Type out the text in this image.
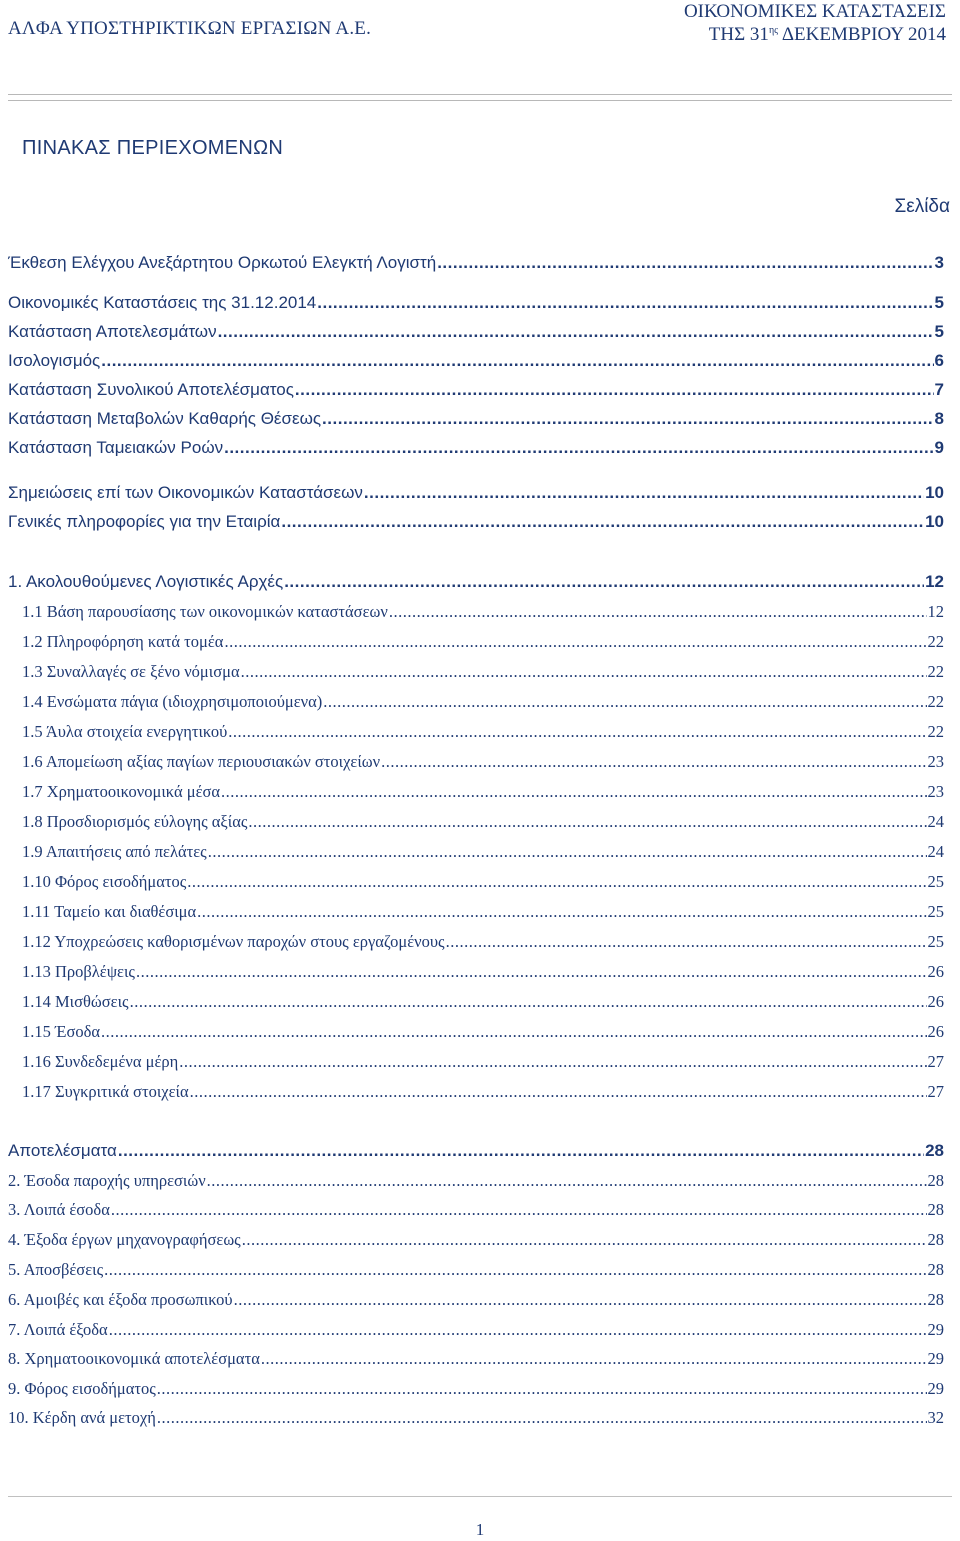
ΑΛΦΑ ΥΠΟΣΤΗΡΙΚΤΙΚΩΝ ΕΡΓΑΣΙΩΝ Α.Ε.
ΟΙΚΟΝΟΜΙΚΕΣ ΚΑΤΑΣΤΑΣΕΙΣ
ΤΗΣ $31^{\eta\varsigma}$ ΔΕΚΕΜΒΡΙΟΥ 2014
ΠΙΝΑΚΑΣ ΠΕΡΙΕΧΟΜΕΝΩΝ
Σελίδα
Έκθεση Ελέγχου Ανεξάρτητου Ορκωτού Ελεγκτή Λογιστή .....	3
Οικονομικές Καταστάσεις της 31.12.2014 .....	5
Κατάσταση Αποτελεσμάτων .....	5
Ισολογισμός .....	6
Κατάσταση Συνολικού Αποτελέσματος .....	7
Κατάσταση Μεταβολών Καθαρής Θέσεως .....	8
Κατάσταση Ταμειακών Ροών .....	9
Σημειώσεις επί των Οικονομικών Καταστάσεων .....	10
Γενικές πληροφορίες για την Εταιρία .....	10
1. Ακολουθούμενες Λογιστικές Αρχές .....	12
1.1 Βάση παρουσίασης των οικονομικών καταστάσεων .....	12
1.2 Πληροφόρηση κατά τομέα .....	22
1.3 Συναλλαγές σε ξένο νόμισμα .....	22
1.4 Ενσώματα πάγια (ιδιοχρησιμοποιούμενα) .....	22
1.5 Άυλα στοιχεία ενεργητικού .....	22
1.6 Απομείωση αξίας παγίων περιουσιακών στοιχείων .....	23
1.7 Χρηματοοικονομικά μέσα .....	23
1.8 Προσδιορισμός εύλογης αξίας .....	24
1.9 Απαιτήσεις από πελάτες .....	24
1.10 Φόρος εισοδήματος .....	25
1.11 Ταμείο και διαθέσιμα .....	25
1.12 Υποχρεώσεις καθορισμένων παροχών στους εργαζομένους .....	25
1.13 Προβλέψεις .....	26
1.14 Μισθώσεις .....	26
1.15 Έσοδα .....	26
1.16 Συνδεδεμένα μέρη .....	27
1.17 Συγκριτικά στοιχεία .....	27
Αποτελέσματα .....	28
2. Έσοδα παροχής υπηρεσιών .....	28
3. Λοιπά έσοδα .....	28
4. Έξοδα έργων μηχανογραφήσεως .....	28
5. Αποσβέσεις .....	28
6. Αμοιβές και έξοδα προσωπικού .....	28
7. Λοιπά έξοδα .....	29
8. Χρηματοοικονομικά αποτελέσματα .....	29
9. Φόρος εισοδήματος .....	29
10. Κέρδη ανά μετοχή .....	32
1
